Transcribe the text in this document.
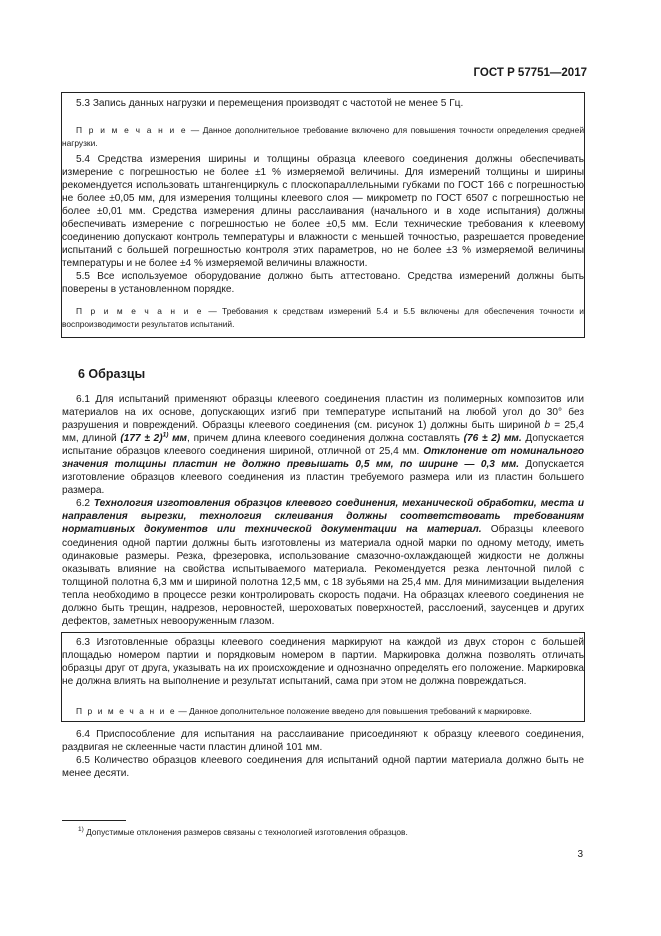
ГОСТ Р 57751—2017

5.3 Запись данных нагрузки и перемещения производят с частотой не менее 5 Гц.

П р и м е ч а н и е — Данное дополнительное требование включено для повышения точности определения средней нагрузки.

5.4 Средства измерения ширины и толщины образца клеевого соединения должны обеспечивать измерение с погрешностью не более ±1 % измеряемой величины. Для измерений толщины и ширины рекомендуется использовать штангенциркуль с плоскопараллельными губками по ГОСТ 166 с погрешностью не более ±0,05 мм, для измерения толщины клеевого слоя — микрометр по ГОСТ 6507 с погрешностью не более ±0,01 мм. Средства измерения длины расслаивания (начального и в ходе испытания) должны обеспечивать измерение с погрешностью не более ±0,5 мм. Если технические требования к клеевому соединению допускают контроль температуры и влажности с меньшей точностью, разрешается проведение испытаний с большей погрешностью контроля этих параметров, но не более ±3 % измеряемой величины температуры и не более ±4 % измеряемой величины влажности.

5.5 Все используемое оборудование должно быть аттестовано. Средства измерений должны быть поверены в установленном порядке.

П р и м е ч а н и е — Требования к средствам измерений 5.4 и 5.5 включены для обеспечения точности и воспроизводимости результатов испытаний.

6 Образцы

6.1 Для испытаний применяют образцы клеевого соединения пластин из полимерных композитов или материалов на их основе, допускающих изгиб при температуре испытаний на любой угол до 30° без разрушения и повреждений. Образцы клеевого соединения (см. рисунок 1) должны быть шириной b = 25,4 мм, длиной $(177 \pm 2)^{1)}$ мм, причем длина клеевого соединения должна составлять (76 ± 2) мм. Допускается испытание образцов клеевого соединения шириной, отличной от 25,4 мм. Отклонение от номинального значения толщины пластин не должно превышать 0,5 мм, по ширине — 0,3 мм. Допускается изготовление образцов клеевого соединения из пластин требуемого размера или из пластин большего размера.

6.2 Технология изготовления образцов клеевого соединения, механической обработки, места и направления вырезки, технология склеивания должны соответствовать требованиям нормативных документов или технической документации на материал. Образцы клеевого соединения одной партии должны быть изготовлены из материала одной марки по одному методу, иметь одинаковые размеры. Резка, фрезеровка, использование смазочно-охлаждающей жидкости не должны оказывать влияние на свойства испытываемого материала. Рекомендуется резка ленточной пилой с толщиной полотна 6,3 мм и шириной полотна 12,5 мм, с 18 зубьями на 25,4 мм. Для минимизации выделения тепла необходимо в процессе резки контролировать скорость подачи. На образцах клеевого соединения не должно быть трещин, надрезов, неровностей, шероховатых поверхностей, расслоений, заусенцев и других дефектов, заметных невооруженным глазом.

6.3 Изготовленные образцы клеевого соединения маркируют на каждой из двух сторон с большей площадью номером партии и порядковым номером в партии. Маркировка должна позволять отличать образцы друг от друга, указывать на их происхождение и однозначно определять его положение. Маркировка не должна влиять на выполнение и результат испытаний, сама при этом не должна повреждаться.

П р и м е ч а н и е — Данное дополнительное положение введено для повышения требований к маркировке.

6.4 Приспособление для испытания на расслаивание присоединяют к образцу клеевого соединения, раздвигая не склеенные части пластин длиной 101 мм.

6.5 Количество образцов клеевого соединения для испытаний одной партии материала должно быть не менее десяти.

$^{1)}$ Допустимые отклонения размеров связаны с технологией изготовления образцов.
3
